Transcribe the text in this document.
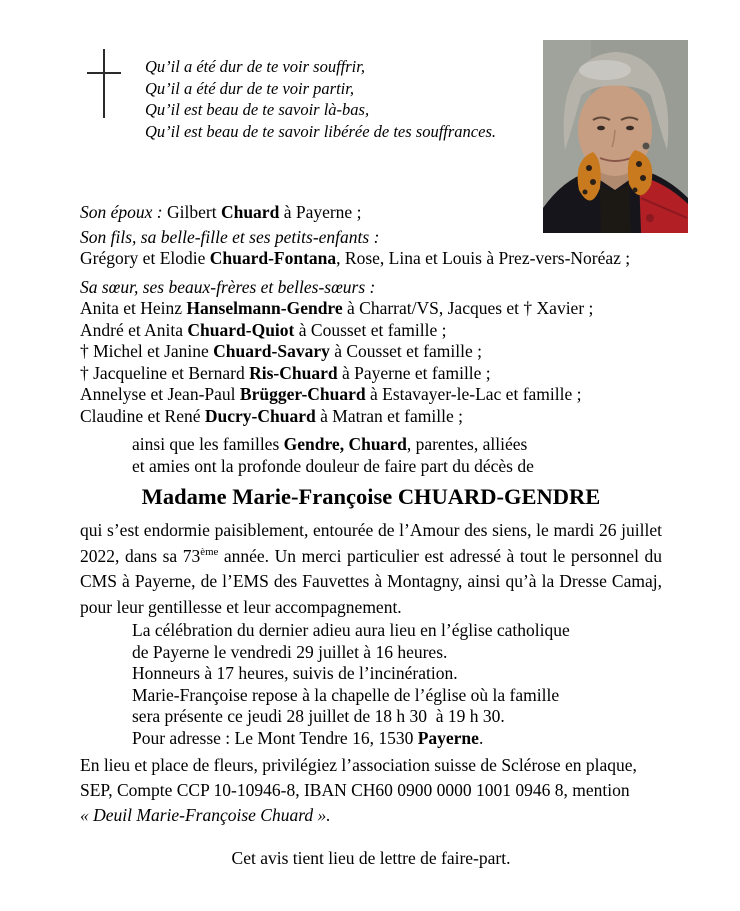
Qu’il a été dur de te voir souffrir,
Qu’il a été dur de te voir partir,
Qu’il est beau de te savoir là-bas,
Qu’il est beau de te savoir libérée de tes souffrances.
Son époux : Gilbert Chuard à Payerne ;
Son fils, sa belle-fille et ses petits-enfants :
Grégory et Elodie Chuard-Fontana, Rose, Lina et Louis à Prez-vers-Noréaz ;
Sa sœur, ses beaux-frères et belles-sœurs :
Anita et Heinz Hanselmann-Gendre à Charrat/VS, Jacques et † Xavier ;
André et Anita Chuard-Quiot à Cousset et famille ;
† Michel et Janine Chuard-Savary à Cousset et famille ;
† Jacqueline et Bernard Ris-Chuard à Payerne et famille ;
Annelyse et Jean-Paul Brügger-Chuard à Estavayer-le-Lac et famille ;
Claudine et René Ducry-Chuard à Matran et famille ;
ainsi que les familles Gendre, Chuard, parentes, alliées
et amies ont la profonde douleur de faire part du décès de
Madame Marie-Françoise CHUARD-GENDRE
qui s’est endormie paisiblement, entourée de l’Amour des siens, le mardi 26 juillet
2022, dans sa 73ème année. Un merci particulier est adressé à tout le personnel du
CMS à Payerne, de l’EMS des Fauvettes à Montagny, ainsi qu’à la Dresse Camaj,
pour leur gentillesse et leur accompagnement.
La célébration du dernier adieu aura lieu en l’église catholique
de Payerne le vendredi 29 juillet à 16 heures.
Honneurs à 17 heures, suivis de l’incinération.
Marie-Françoise repose à la chapelle de l’église où la famille
sera présente ce jeudi 28 juillet de 18 h 30  à 19 h 30.
Pour adresse : Le Mont Tendre 16, 1530 Payerne.
En lieu et place de fleurs, privilégiez l’association suisse de Sclérose en plaque,
SEP, Compte CCP 10-10946-8, IBAN CH60 0900 0000 1001 0946 8, mention
« Deuil Marie-Françoise Chuard ».
Cet avis tient lieu de lettre de faire-part.
